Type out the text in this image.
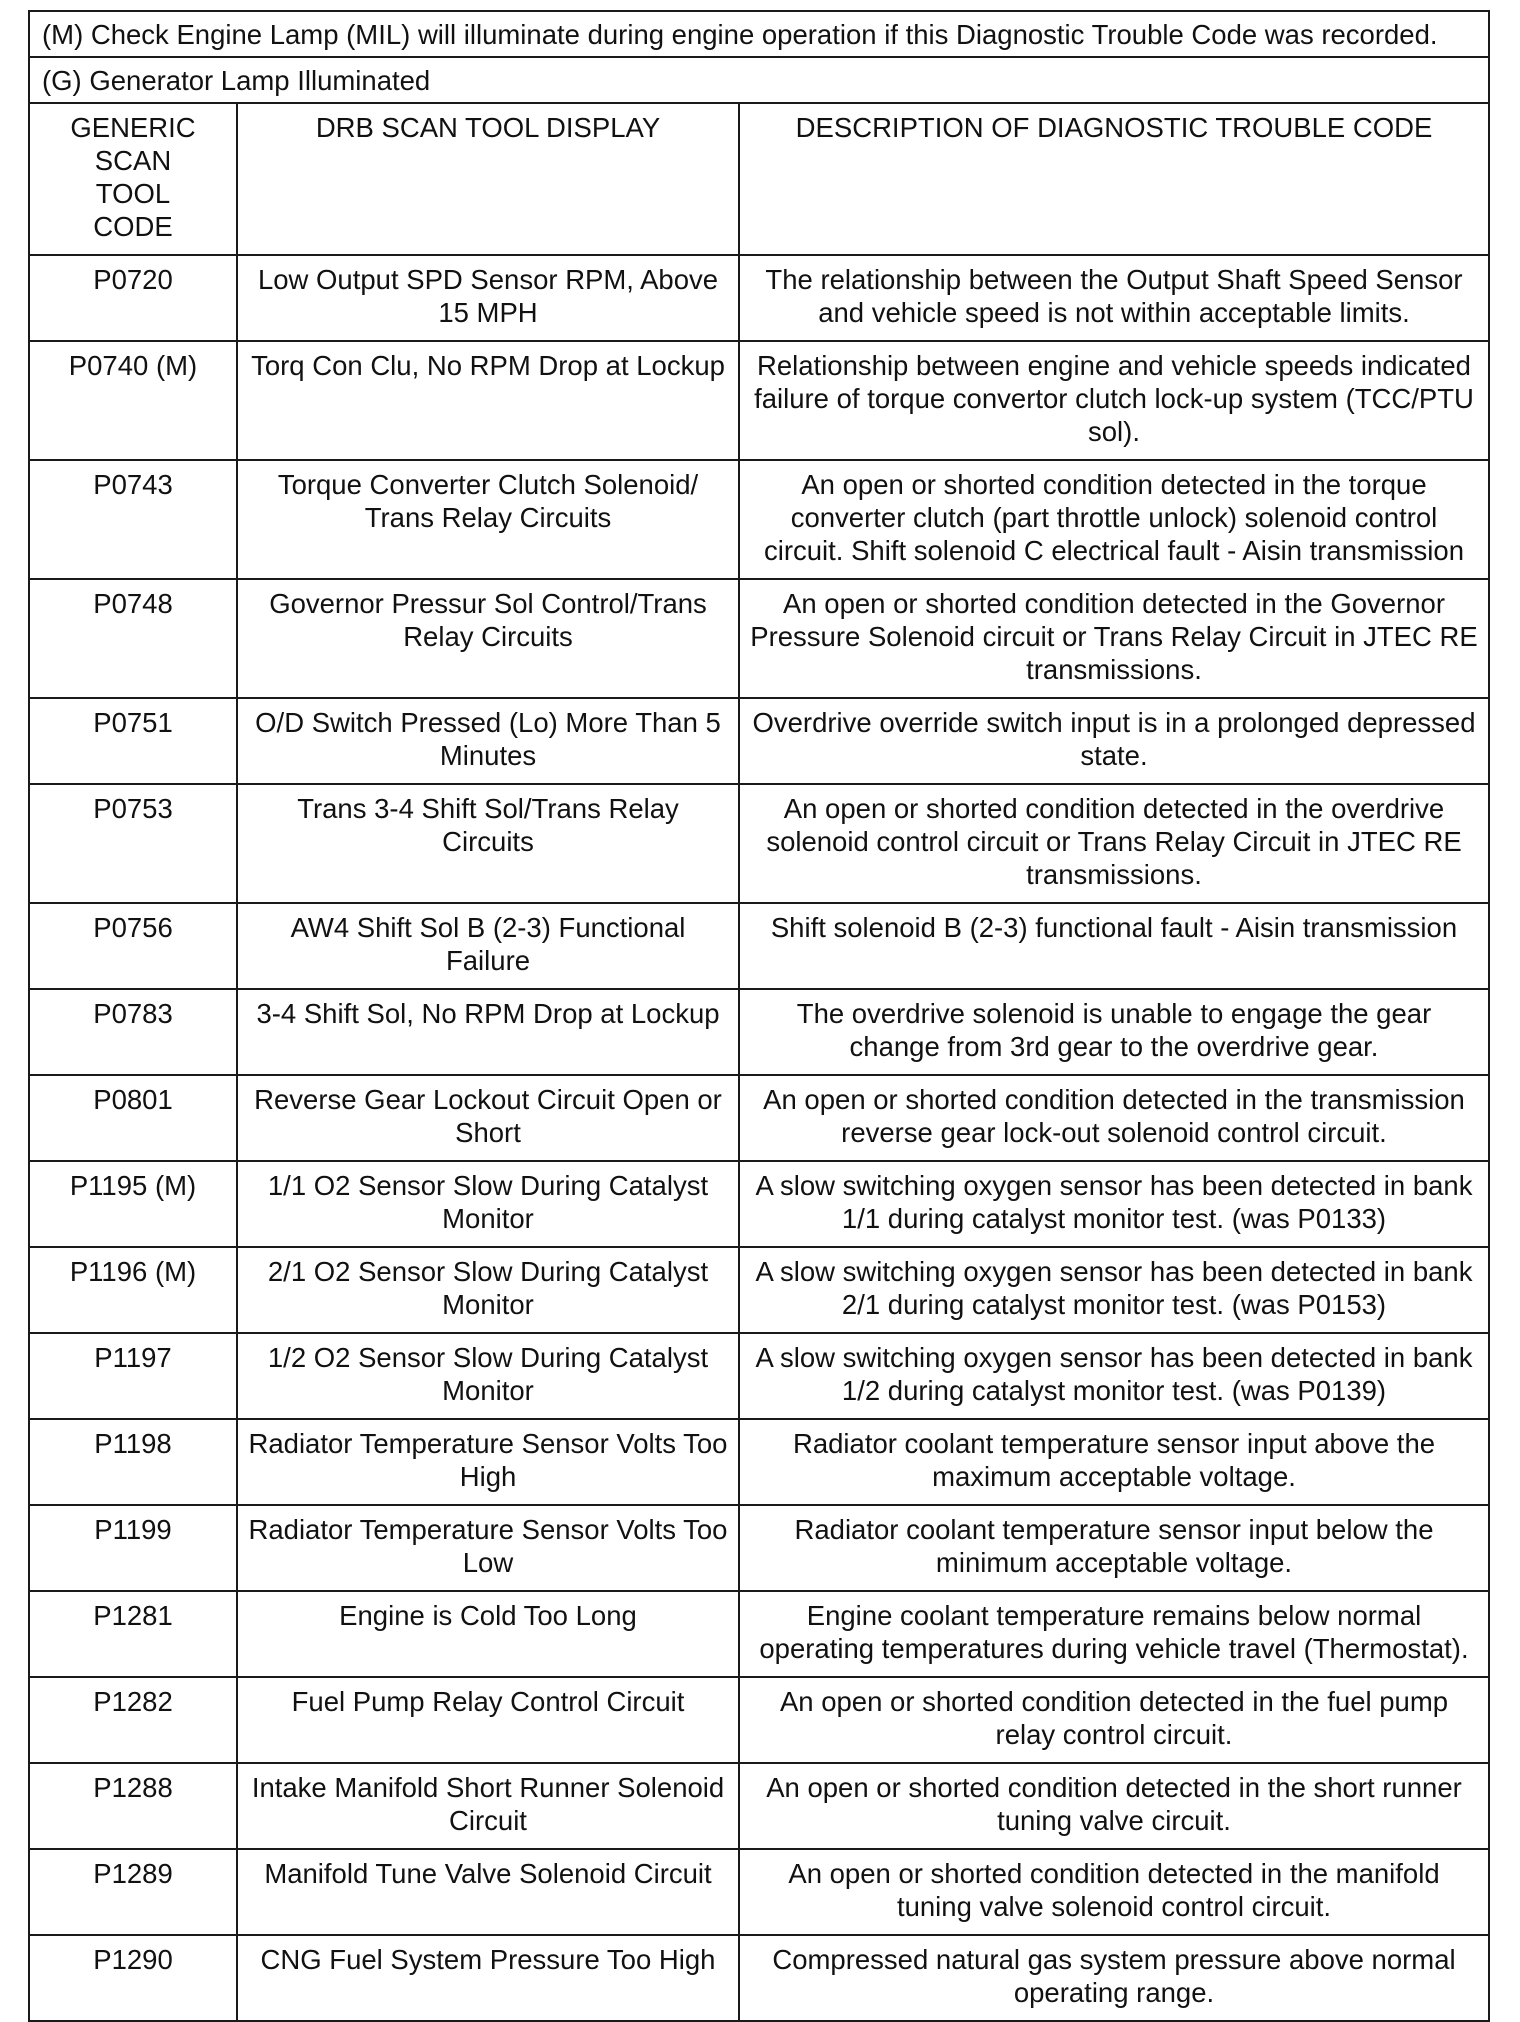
(M) Check Engine Lamp (MIL) will illuminate during engine operation if this Diagnostic Trouble Code was recorded.		
(G) Generator Lamp Illuminated		
GENERIC SCAN TOOL CODE	DRB SCAN TOOL DISPLAY	DESCRIPTION OF DIAGNOSTIC TROUBLE CODE
P0720	Low Output SPD Sensor RPM, Above 15 MPH	The relationship between the Output Shaft Speed Sensor and vehicle speed is not within acceptable limits.
P0740 (M)	Torq Con Clu, No RPM Drop at Lockup	Relationship between engine and vehicle speeds indicated failure of torque convertor clutch lock-up system (TCC/PTU sol).
P0743	Torque Converter Clutch Solenoid/ Trans Relay Circuits	An open or shorted condition detected in the torque converter clutch (part throttle unlock) solenoid control circuit. Shift solenoid C electrical fault - Aisin transmission
P0748	Governor Pressur Sol Control/Trans Relay Circuits	An open or shorted condition detected in the Governor Pressure Solenoid circuit or Trans Relay Circuit in JTEC RE transmissions.
P0751	O/D Switch Pressed (Lo) More Than 5 Minutes	Overdrive override switch input is in a prolonged depressed state.
P0753	Trans 3-4 Shift Sol/Trans Relay Circuits	An open or shorted condition detected in the overdrive solenoid control circuit or Trans Relay Circuit in JTEC RE transmissions.
P0756	AW4 Shift Sol B (2-3) Functional Failure	Shift solenoid B (2-3) functional fault - Aisin transmission
P0783	3-4 Shift Sol, No RPM Drop at Lockup	The overdrive solenoid is unable to engage the gear change from 3rd gear to the overdrive gear.
P0801	Reverse Gear Lockout Circuit Open or Short	An open or shorted condition detected in the transmission reverse gear lock-out solenoid control circuit.
P1195 (M)	1/1 O2 Sensor Slow During Catalyst Monitor	A slow switching oxygen sensor has been detected in bank 1/1 during catalyst monitor test. (was P0133)
P1196 (M)	2/1 O2 Sensor Slow During Catalyst Monitor	A slow switching oxygen sensor has been detected in bank 2/1 during catalyst monitor test. (was P0153)
P1197	1/2 O2 Sensor Slow During Catalyst Monitor	A slow switching oxygen sensor has been detected in bank 1/2 during catalyst monitor test. (was P0139)
P1198	Radiator Temperature Sensor Volts Too High	Radiator coolant temperature sensor input above the maximum acceptable voltage.
P1199	Radiator Temperature Sensor Volts Too Low	Radiator coolant temperature sensor input below the minimum acceptable voltage.
P1281	Engine is Cold Too Long	Engine coolant temperature remains below normal operating temperatures during vehicle travel (Thermostat).
P1282	Fuel Pump Relay Control Circuit	An open or shorted condition detected in the fuel pump relay control circuit.
P1288	Intake Manifold Short Runner Solenoid Circuit	An open or shorted condition detected in the short runner tuning valve circuit.
P1289	Manifold Tune Valve Solenoid Circuit	An open or shorted condition detected in the manifold tuning valve solenoid control circuit.
P1290	CNG Fuel System Pressure Too High	Compressed natural gas system pressure above normal operating range.
